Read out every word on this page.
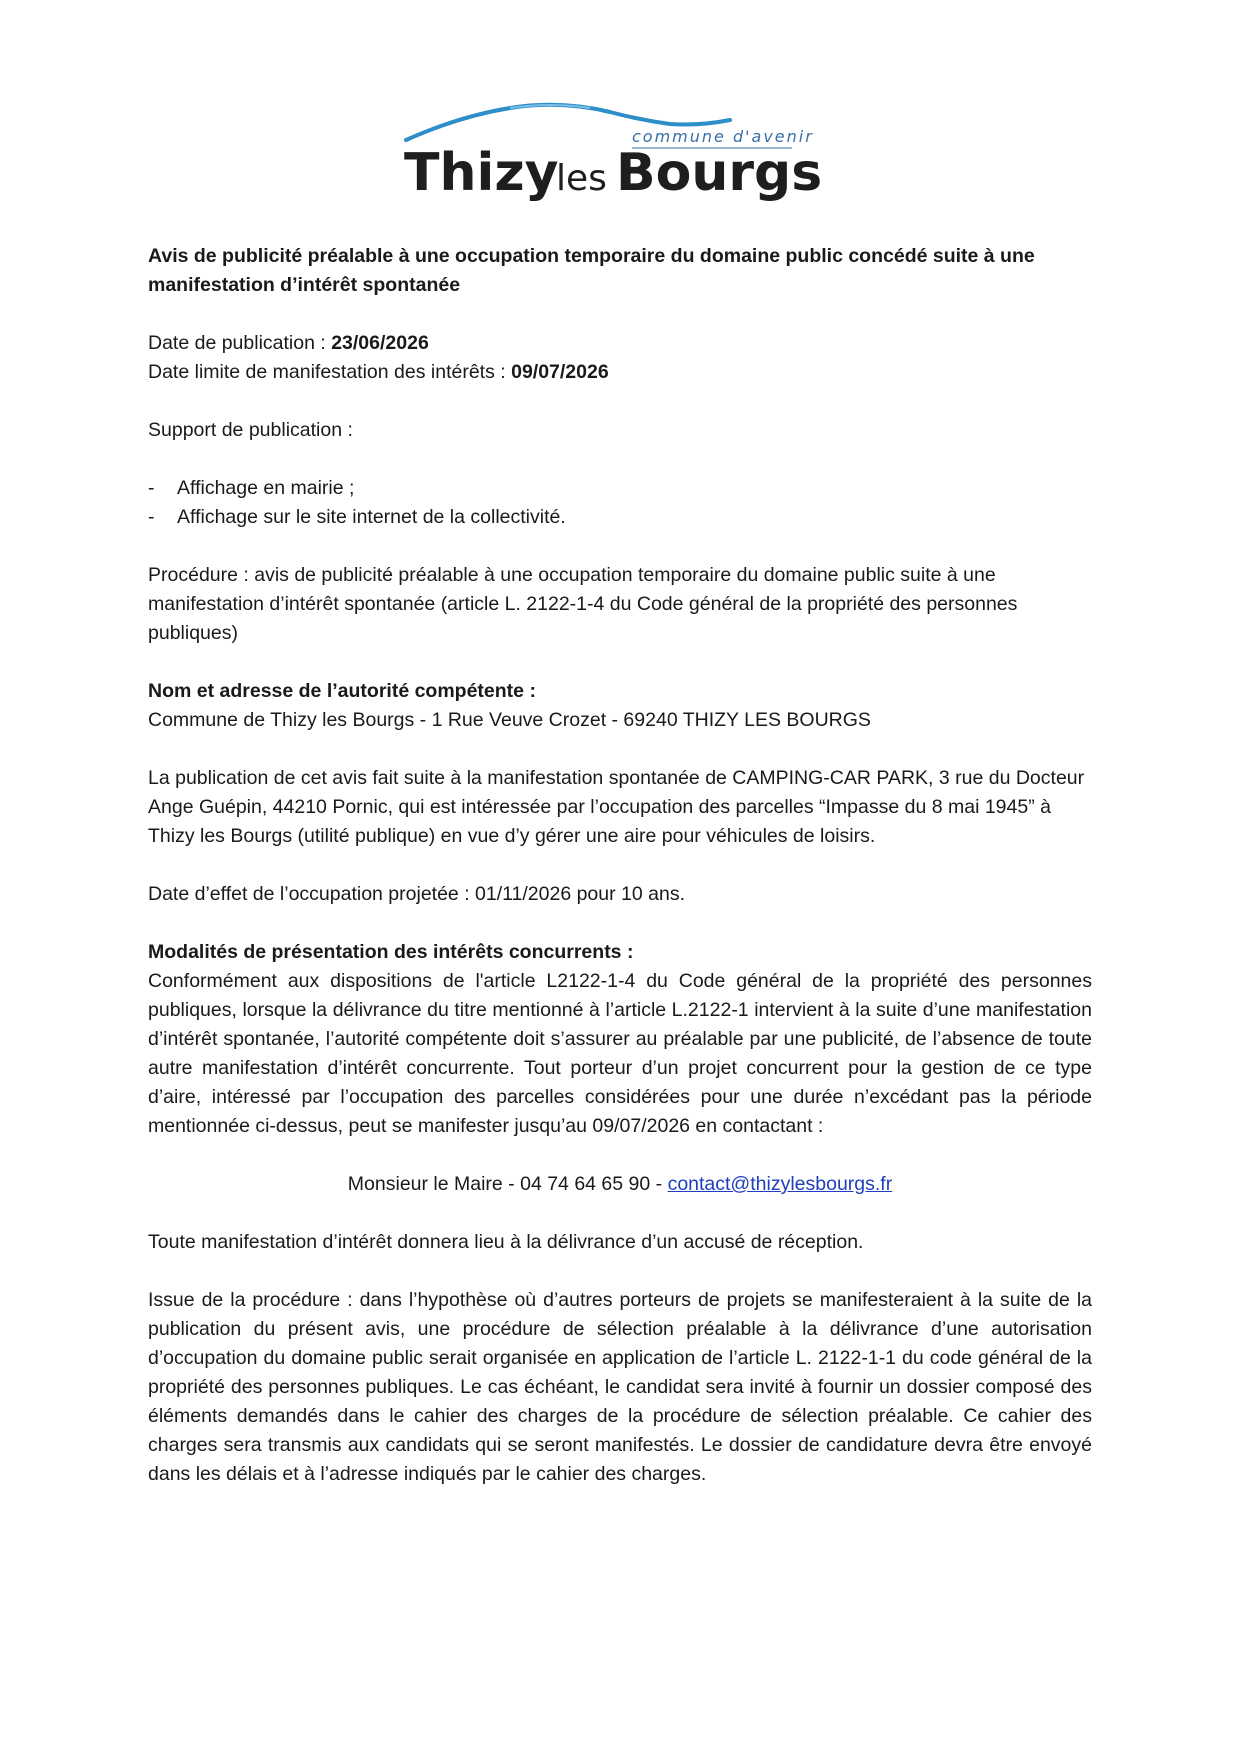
commune d'avenir
Thizy
les Bourgs

Avis de publicité préalable à une occupation temporaire du domaine public concédé suite à une manifestation d’intérêt spontanée

Date de publication : 23/06/2026

Date limite de manifestation des intérêts : 09/07/2026

Support de publication :

-	Affichage en mairie ;
-	Affichage sur le site internet de la collectivité.

Procédure : avis de publicité préalable à une occupation temporaire du domaine public suite à une manifestation d’intérêt spontanée (article L. 2122-1-4 du Code général de la propriété des personnes publiques)

Nom et adresse de l’autorité compétente :

Commune de Thizy les Bourgs - 1 Rue Veuve Crozet - 69240 THIZY LES BOURGS

La publication de cet avis fait suite à la manifestation spontanée de CAMPING-CAR PARK, 3 rue du Docteur Ange Guépin, 44210 Pornic, qui est intéressée par l’occupation des parcelles “Impasse du 8 mai 1945” à Thizy les Bourgs (utilité publique) en vue d’y gérer une aire pour véhicules de loisirs.

Date d’effet de l’occupation projetée : 01/11/2026 pour 10 ans.

Modalités de présentation des intérêts concurrents :

Conformément aux dispositions de l'article L2122-1-4 du Code général de la propriété des personnes publiques, lorsque la délivrance du titre mentionné à l’article L.2122-1 intervient à la suite d’une manifestation d’intérêt spontanée, l’autorité compétente doit s’assurer au préalable par une publicité, de l’absence de toute autre manifestation d’intérêt concurrente. Tout porteur d’un projet concurrent pour la gestion de ce type d’aire, intéressé par l’occupation des parcelles considérées pour une durée n’excédant pas la période mentionnée ci-dessus, peut se manifester jusqu’au 09/07/2026 en contactant :

Monsieur le Maire - 04 74 64 65 90 - contact@thizylesbourgs.fr

Toute manifestation d’intérêt donnera lieu à la délivrance d’un accusé de réception.

Issue de la procédure : dans l’hypothèse où d’autres porteurs de projets se manifesteraient à la suite de la publication du présent avis, une procédure de sélection préalable à la délivrance d’une autorisation d’occupation du domaine public serait organisée en application de l’article L. 2122-1-1 du code général de la propriété des personnes publiques. Le cas échéant, le candidat sera invité à fournir un dossier composé des éléments demandés dans le cahier des charges de la procédure de sélection préalable. Ce cahier des charges sera transmis aux candidats qui se seront manifestés. Le dossier de candidature devra être envoyé dans les délais et à l’adresse indiqués par le cahier des charges.
